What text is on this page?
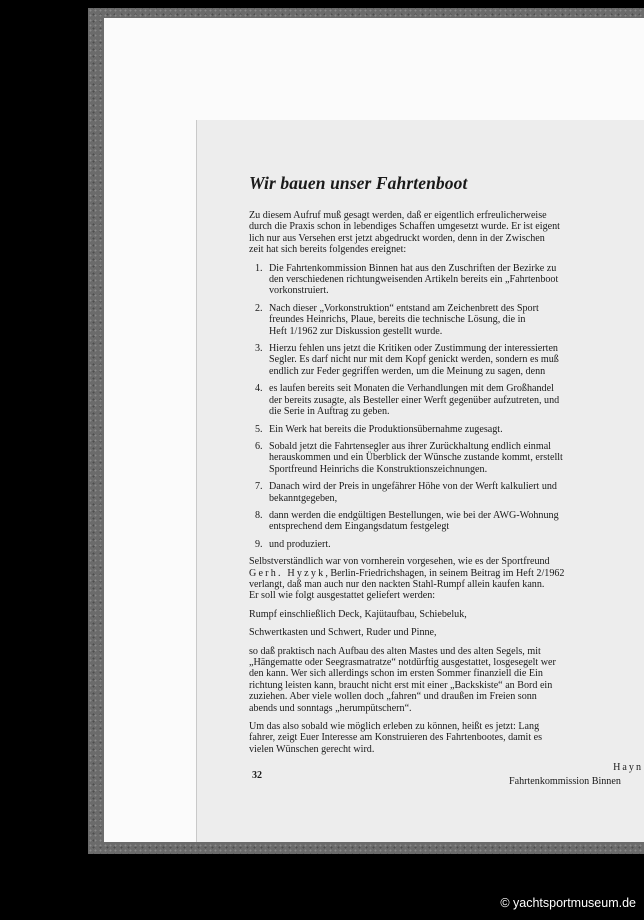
Wir bauen unser Fahrtenboot

Zu diesem Aufruf muß gesagt werden, daß er eigentlich erfreulicherweise
durch die Praxis schon in lebendiges Schaffen umgesetzt wurde. Er ist eigent
lich nur aus Versehen erst jetzt abgedruckt worden, denn in der Zwischen
zeit hat sich bereits folgendes ereignet:

1. Die Fahrtenkommission Binnen hat aus den Zuschriften der Bezirke zu
den verschiedenen richtungweisenden Artikeln bereits ein „Fahrtenboot
vorkonstruiert.
2. Nach dieser „Vorkonstruktion“ entstand am Zeichenbrett des Sport
freundes Heinrichs, Plaue, bereits die technische Lösung, die in
Heft 1/1962 zur Diskussion gestellt wurde.
3. Hierzu fehlen uns jetzt die Kritiken oder Zustimmung der interessierten
Segler. Es darf nicht nur mit dem Kopf genickt werden, sondern es muß
endlich zur Feder gegriffen werden, um die Meinung zu sagen, denn
4. es laufen bereits seit Monaten die Verhandlungen mit dem Großhandel
der bereits zusagte, als Besteller einer Werft gegenüber aufzutreten, und
die Serie in Auftrag zu geben.
5. Ein Werk hat bereits die Produktionsübernahme zugesagt.
6. Sobald jetzt die Fahrtensegler aus ihrer Zurückhaltung endlich einmal
herauskommen und ein Überblick der Wünsche zustande kommt, erstellt
Sportfreund Heinrichs die Konstruktionszeichnungen.
7. Danach wird der Preis in ungefährer Höhe von der Werft kalkuliert und
bekanntgegeben,
8. dann werden die endgültigen Bestellungen, wie bei der AWG-Wohnung
entsprechend dem Eingangsdatum festgelegt
9. und produziert.

Selbstverständlich war von vornherein vorgesehen, wie es der Sportfreund
Gerh. Hyzyk, Berlin-Friedrichshagen, in seinem Beitrag im Heft 2/1962
verlangt, daß man auch nur den nackten Stahl-Rumpf allein kaufen kann.
Er soll wie folgt ausgestattet geliefert werden:

Rumpf einschließlich Deck, Kajütaufbau, Schiebeluk,

Schwertkasten und Schwert, Ruder und Pinne,

so daß praktisch nach Aufbau des alten Mastes und des alten Segels, mit
„Hängematte oder Seegrasmatratze“ notdürftig ausgestattet, losgesegelt wer
den kann. Wer sich allerdings schon im ersten Sommer finanziell die Ein
richtung leisten kann, braucht nicht erst mit einer „Backskiste“ an Bord ein
zuziehen. Aber viele wollen doch „fahren“ und draußen im Freien sonn
abends und sonntags „herumpütschern“.

Um das also sobald wie möglich erleben zu können, heißt es jetzt: Lang
fahrer, zeigt Euer Interesse am Konstruieren des Fahrtenbootes, damit es
vielen Wünschen gerecht wird.

Hayn

Fahrtenkommission Binnen

32
© yachtsportmuseum.de
